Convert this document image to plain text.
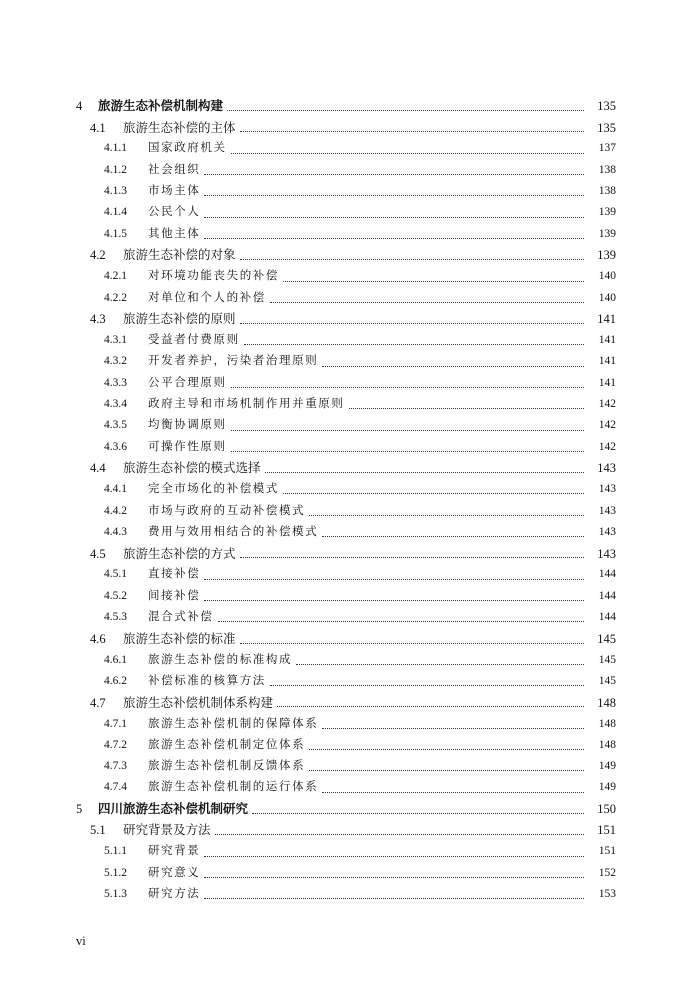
4	旅游生态补偿机制构建	135
4.1	旅游生态补偿的主体	135
4.1.1	国家政府机关	137
4.1.2	社会组织	138
4.1.3	市场主体	138
4.1.4	公民个人	139
4.1.5	其他主体	139
4.2	旅游生态补偿的对象	139
4.2.1	对环境功能丧失的补偿	140
4.2.2	对单位和个人的补偿	140
4.3	旅游生态补偿的原则	141
4.3.1	受益者付费原则	141
4.3.2	开发者养护，污染者治理原则	141
4.3.3	公平合理原则	141
4.3.4	政府主导和市场机制作用并重原则	142
4.3.5	均衡协调原则	142
4.3.6	可操作性原则	142
4.4	旅游生态补偿的模式选择	143
4.4.1	完全市场化的补偿模式	143
4.4.2	市场与政府的互动补偿模式	143
4.4.3	费用与效用相结合的补偿模式	143
4.5	旅游生态补偿的方式	143
4.5.1	直接补偿	144
4.5.2	间接补偿	144
4.5.3	混合式补偿	144
4.6	旅游生态补偿的标准	145
4.6.1	旅游生态补偿的标准构成	145
4.6.2	补偿标准的核算方法	145
4.7	旅游生态补偿机制体系构建	148
4.7.1	旅游生态补偿机制的保障体系	148
4.7.2	旅游生态补偿机制定位体系	148
4.7.3	旅游生态补偿机制反馈体系	149
4.7.4	旅游生态补偿机制的运行体系	149
5	四川旅游生态补偿机制研究	150
5.1	研究背景及方法	151
5.1.1	研究背景	151
5.1.2	研究意义	152
5.1.3	研究方法	153
vi
